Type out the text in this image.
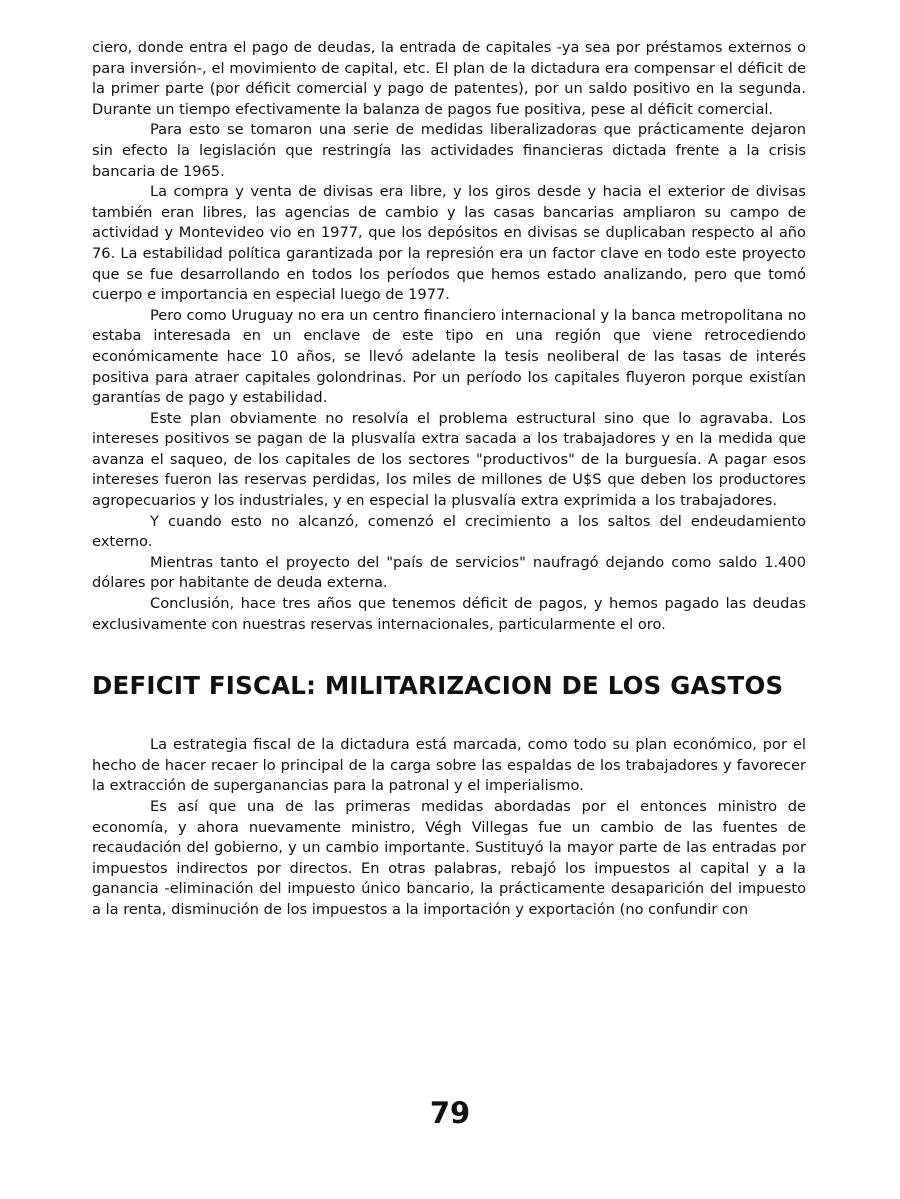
ciero, donde entra el pago de deudas, la entrada de capitales -ya sea por préstamos externos o para inversión-, el movimiento de capital, etc. El plan de la dictadura era compensar el déficit de la primer parte (por déficit comercial y pago de patentes), por un saldo positivo en la segunda. Durante un tiempo efectivamente la balanza de pagos fue positiva, pese al déficit comercial.

Para esto se tomaron una serie de medidas liberalizadoras que prácticamente dejaron sin efecto la legislación que restringía las actividades financieras dictada frente a la crisis bancaria de 1965.

La compra y venta de divisas era libre, y los giros desde y hacia el exterior de divisas también eran libres, las agencias de cambio y las casas bancarias ampliaron su campo de actividad y Montevideo vio en 1977, que los depósitos en divisas se duplicaban respecto al año 76. La estabilidad política garantizada por la represión era un factor clave en todo este proyecto que se fue desarrollando en todos los períodos que hemos estado analizando, pero que tomó cuerpo e importancia en especial luego de 1977.

Pero como Uruguay no era un centro financiero internacional y la banca metropolitana no estaba interesada en un enclave de este tipo en una región que viene retrocediendo económicamente hace 10 años, se llevó adelante la tesis neoliberal de las tasas de interés positiva para atraer capitales golondrinas. Por un período los capitales fluyeron porque existían garantías de pago y estabilidad.

Este plan obviamente no resolvía el problema estructural sino que lo agravaba. Los intereses positivos se pagan de la plusvalía extra sacada a los trabajadores y en la medida que avanza el saqueo, de los capitales de los sectores "productivos" de la burguesía. A pagar esos intereses fueron las reservas perdidas, los miles de millones de U$S que deben los productores agropecuarios y los industriales, y en especial la plusvalía extra exprimida a los trabajadores.

Y cuando esto no alcanzó, comenzó el crecimiento a los saltos del endeudamiento externo.

Mientras tanto el proyecto del "país de servicios" naufragó dejando como saldo 1.400 dólares por habitante de deuda externa.

Conclusión, hace tres años que tenemos déficit de pagos, y hemos pagado las deudas exclusivamente con nuestras reservas internacionales, particularmente el oro.

DEFICIT FISCAL: MILITARIZACION DE LOS GASTOS

La estrategia fiscal de la dictadura está marcada, como todo su plan económico, por el hecho de hacer recaer lo principal de la carga sobre las espaldas de los trabajadores y favorecer la extracción de superganancias para la patronal y el imperialismo.

Es así que una de las primeras medidas abordadas por el entonces ministro de economía, y ahora nuevamente ministro, Végh Villegas fue un cambio de las fuentes de recaudación del gobierno, y un cambio importante. Sustituyó la mayor parte de las entradas por impuestos indirectos por directos. En otras palabras, rebajó los impuestos al capital y a la ganancia -eliminación del impuesto único bancario, la prácticamente desaparición del impuesto a la renta, disminución de los impuestos a la importación y exportación (no confundir con

79
